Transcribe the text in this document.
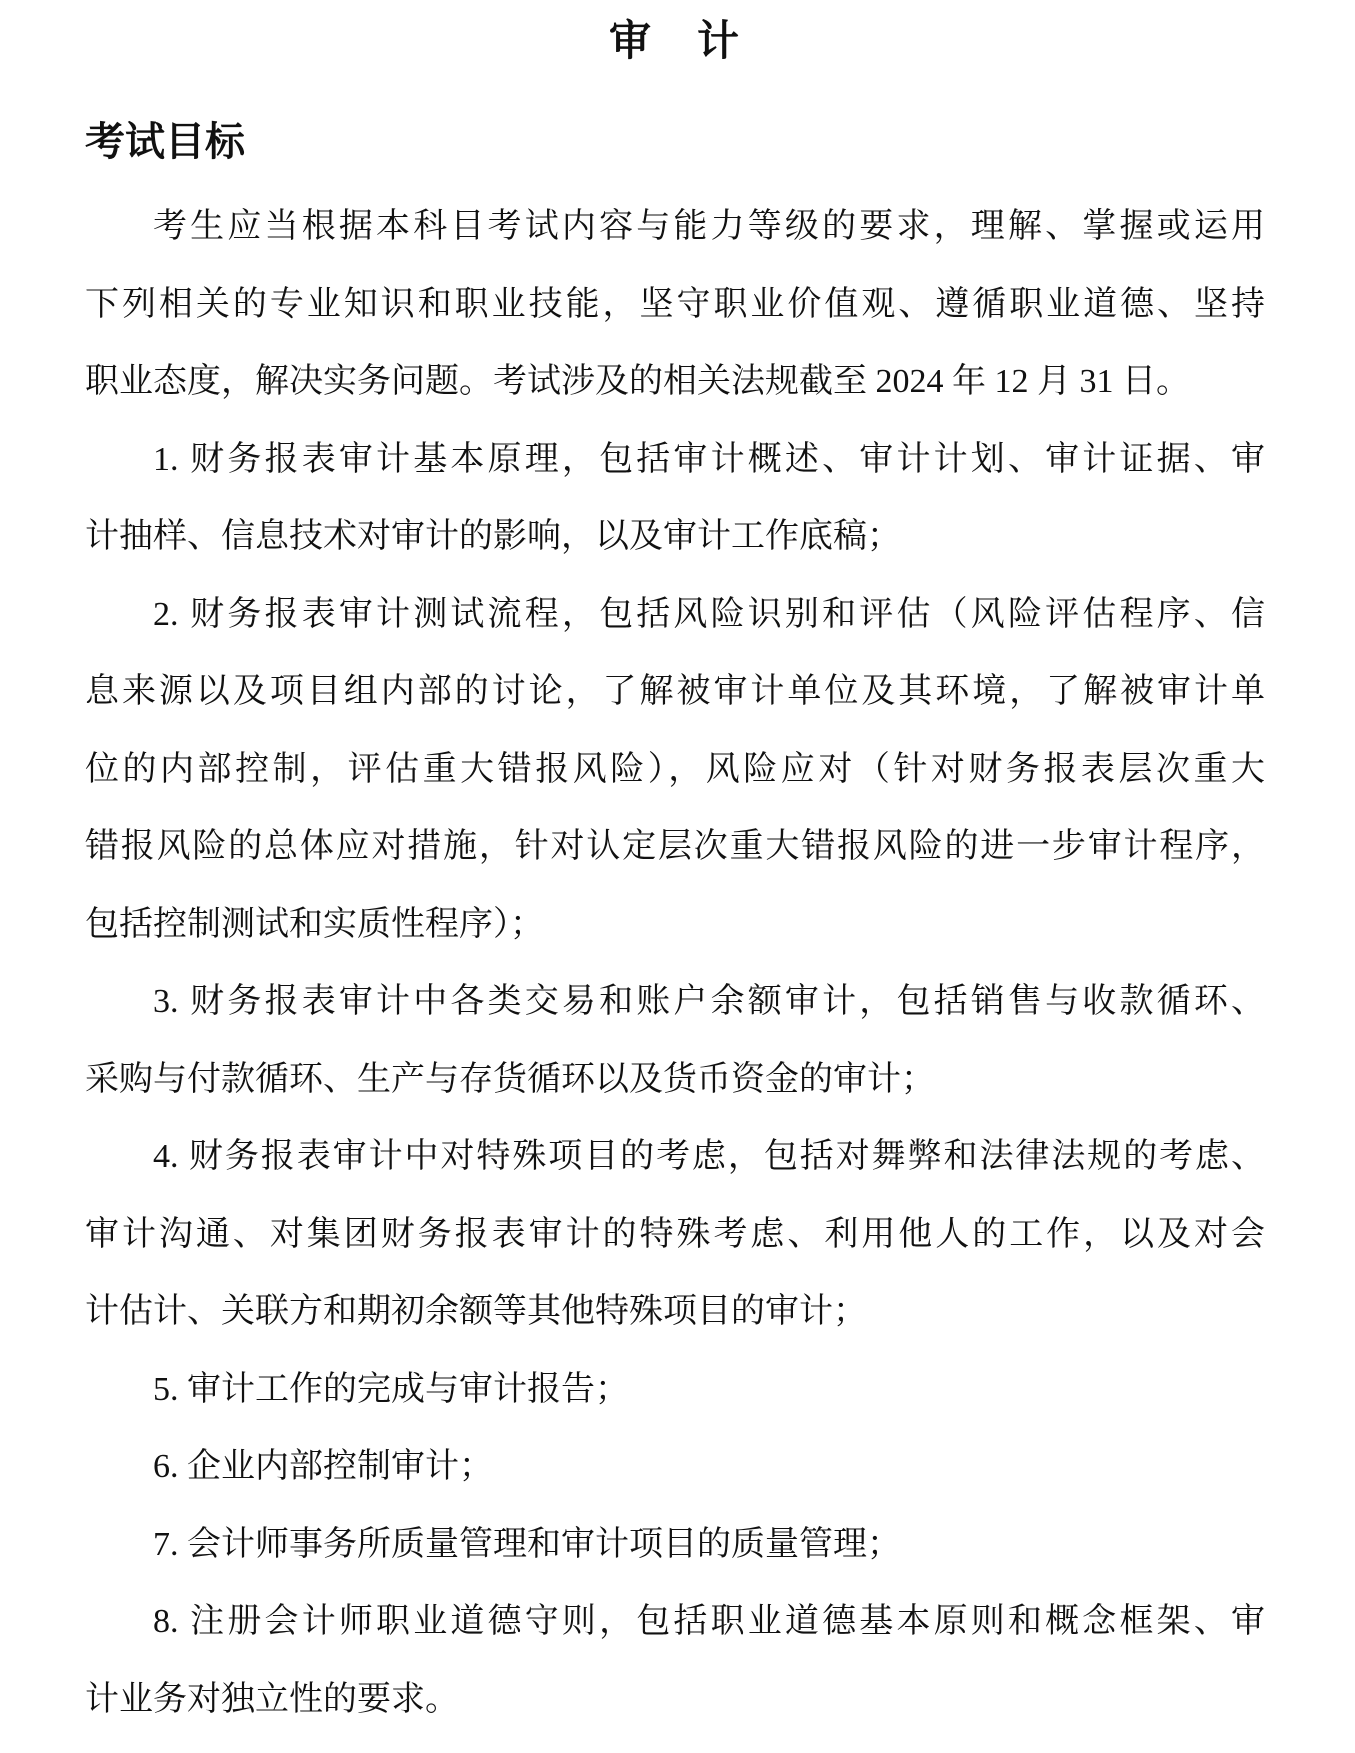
审　计
考试目标
考生应当根据本科目考试内容与能力等级的要求，理解、掌握或运用
下列相关的专业知识和职业技能，坚守职业价值观、遵循职业道德、坚持
职业态度，解决实务问题。考试涉及的相关法规截至 2024 年 12 月 31 日。
1. 财务报表审计基本原理，包括审计概述、审计计划、审计证据、审
计抽样、信息技术对审计的影响，以及审计工作底稿；
2. 财务报表审计测试流程，包括风险识别和评估（风险评估程序、信
息来源以及项目组内部的讨论，了解被审计单位及其环境，了解被审计单
位的内部控制，评估重大错报风险），风险应对（针对财务报表层次重大
错报风险的总体应对措施，针对认定层次重大错报风险的进一步审计程序，
包括控制测试和实质性程序）；
3. 财务报表审计中各类交易和账户余额审计，包括销售与收款循环、
采购与付款循环、生产与存货循环以及货币资金的审计；
4. 财务报表审计中对特殊项目的考虑，包括对舞弊和法律法规的考虑、
审计沟通、对集团财务报表审计的特殊考虑、利用他人的工作，以及对会
计估计、关联方和期初余额等其他特殊项目的审计；
5. 审计工作的完成与审计报告；
6. 企业内部控制审计；
7. 会计师事务所质量管理和审计项目的质量管理；
8. 注册会计师职业道德守则，包括职业道德基本原则和概念框架、审
计业务对独立性的要求。
